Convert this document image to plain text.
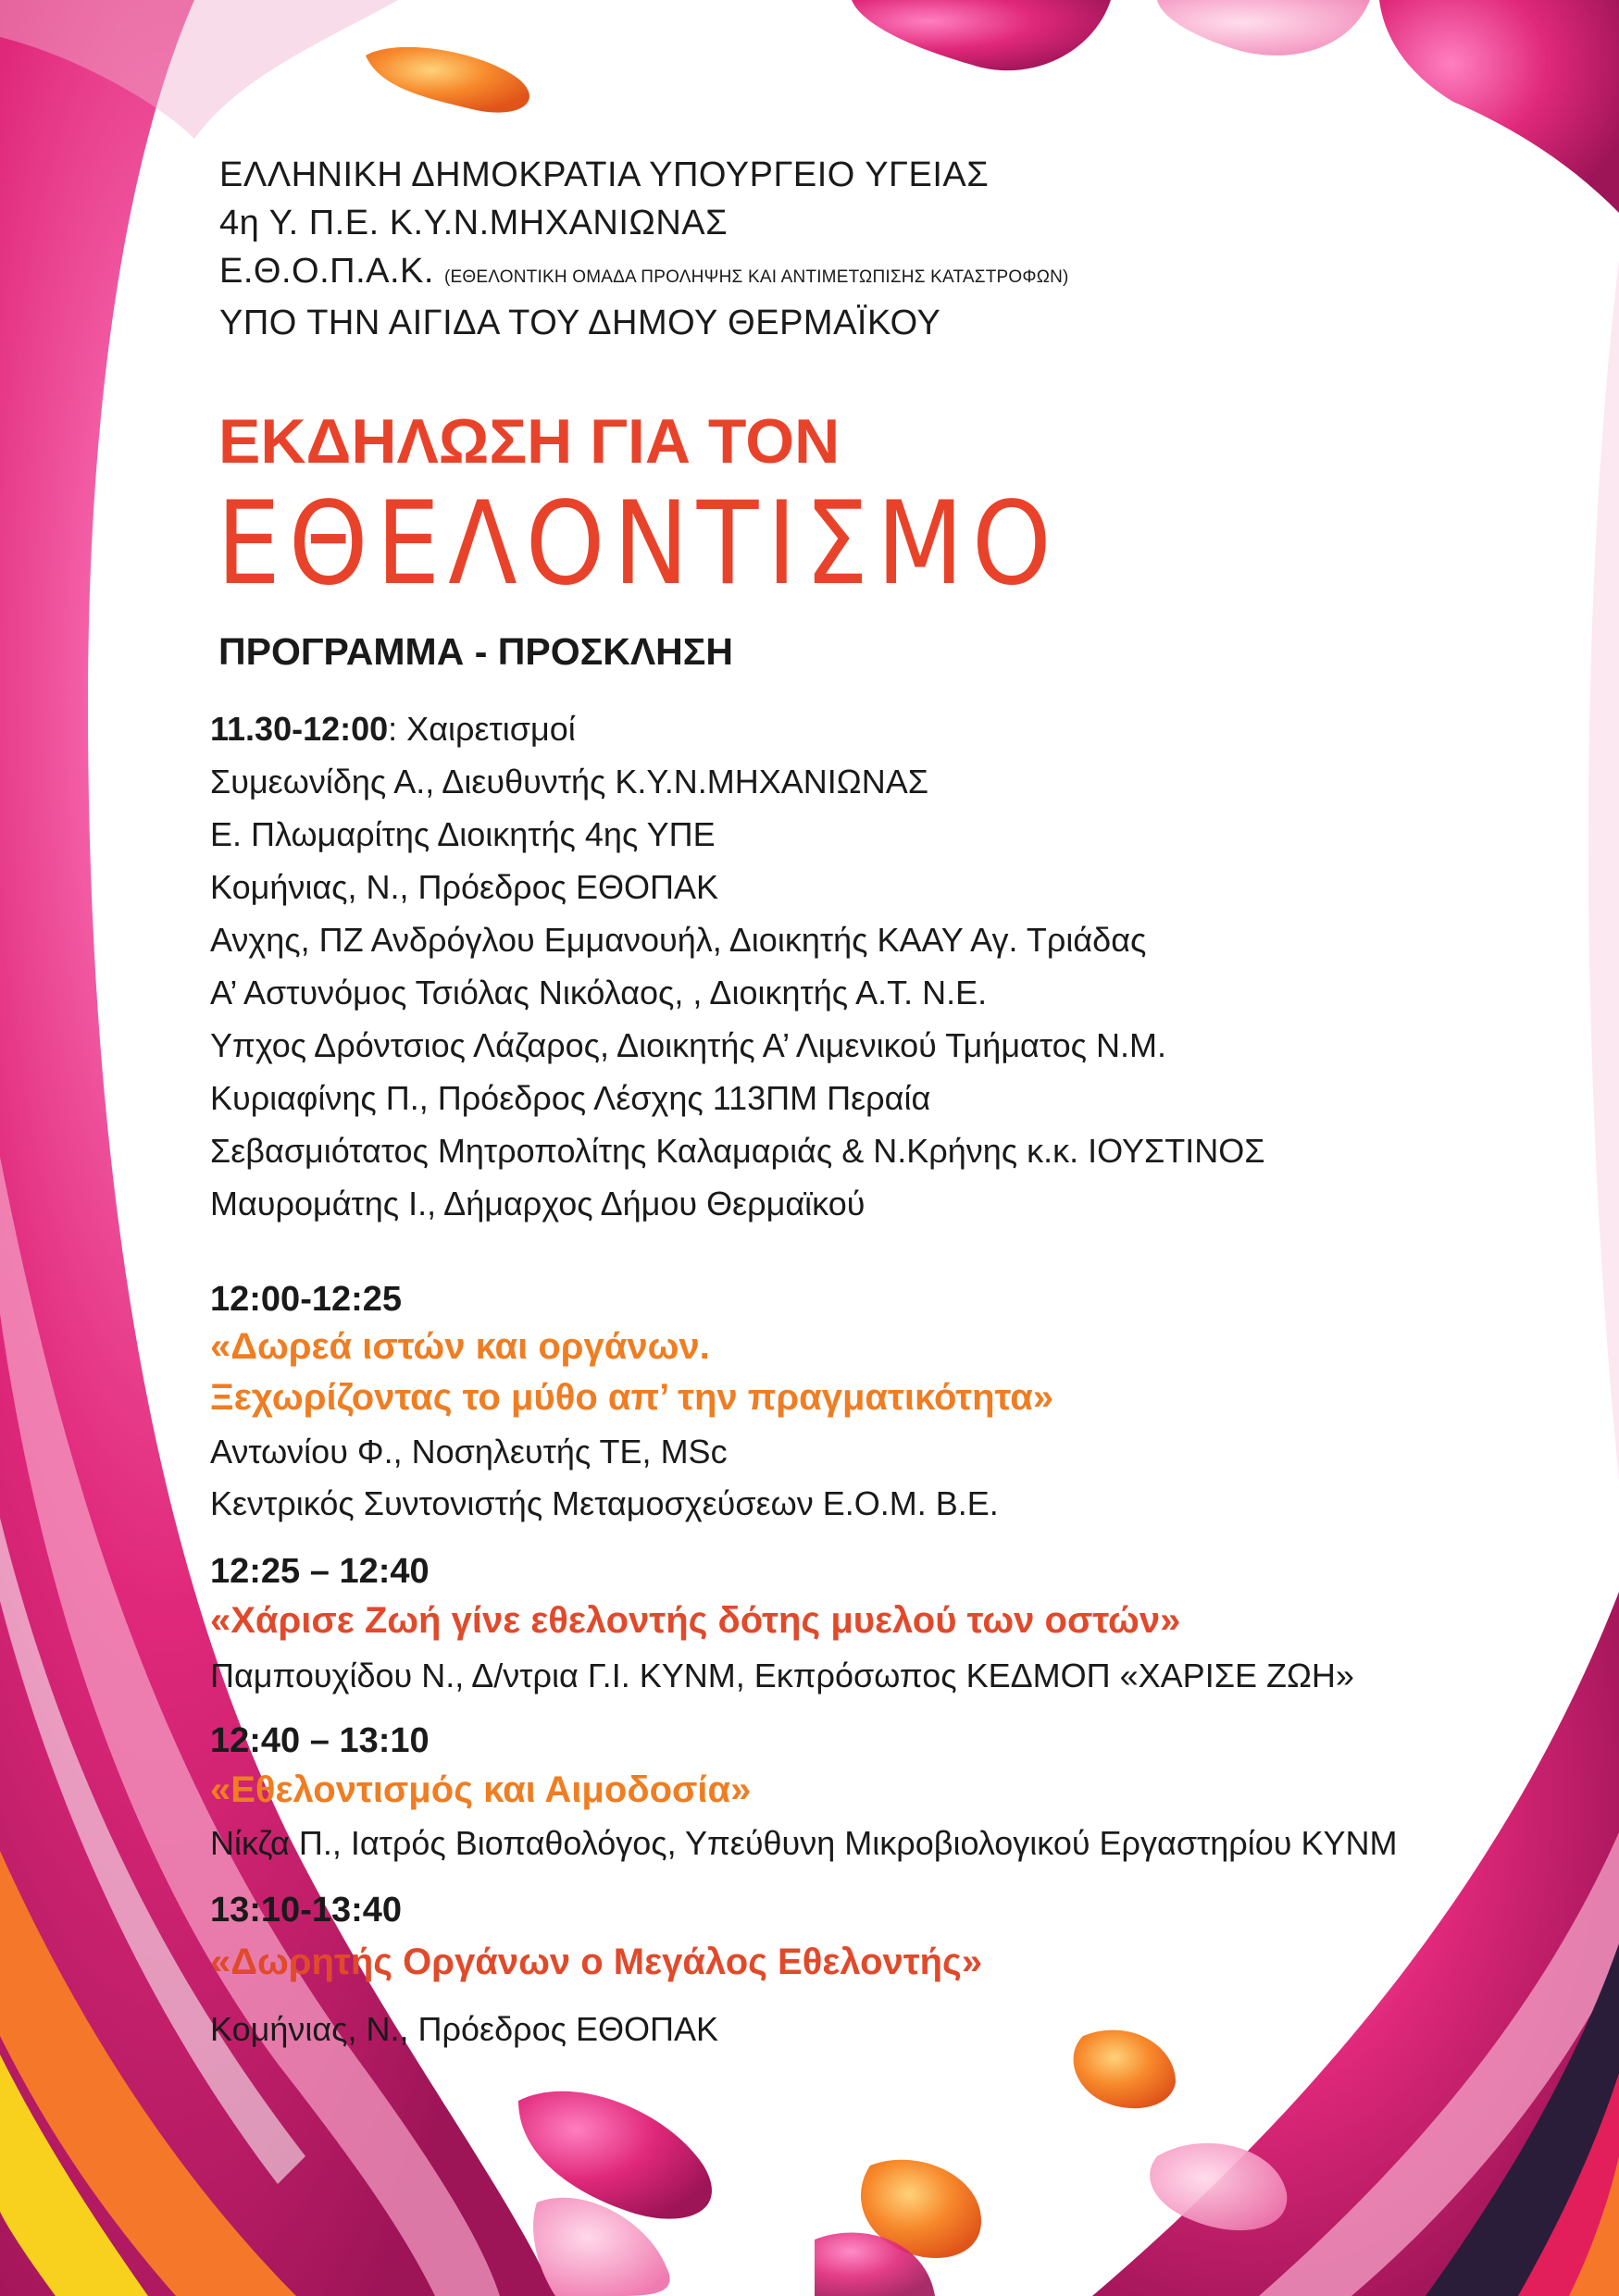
ΕΛΛΗΝΙΚΗ ΔΗΜΟΚΡΑΤΙΑ ΥΠΟΥΡΓΕΙΟ ΥΓΕΙΑΣ
4η Υ. Π.Ε. Κ.Υ.Ν.ΜΗΧΑΝΙΩΝΑΣ
Ε.Θ.Ο.Π.Α.Κ. (ΕΘΕΛΟΝΤΙΚΗ ΟΜΑΔΑ ΠΡΟΛΗΨΗΣ ΚΑΙ ΑΝΤΙΜΕΤΩΠΙΣΗΣ ΚΑΤΑΣΤΡΟΦΩΝ)
ΥΠΟ ΤΗΝ ΑΙΓΙΔΑ ΤΟΥ ΔΗΜΟΥ ΘΕΡΜΑΪΚΟΥ
ΕΚΔΗΛΩΣΗ ΓΙΑ ΤΟΝ
ΕΘΕΛΟΝΤΙΣΜΟ
ΠΡΟΓΡΑΜΜΑ - ΠΡΟΣΚΛΗΣΗ
11.30-12:00: Χαιρετισμοί
Συμεωνίδης Α., Διευθυντής Κ.Υ.Ν.ΜΗΧΑΝΙΩΝΑΣ
Ε. Πλωμαρίτης Διοικητής 4ης ΥΠΕ
Κομήνιας, Ν., Πρόεδρος ΕΘΟΠΑΚ
Ανχης, ΠΖ Ανδρόγλου Εμμανουήλ, Διοικητής ΚΑΑΥ Αγ. Τριάδας
Α’ Αστυνόμος Τσιόλας Νικόλαος, , Διοικητής Α.Τ. Ν.Ε.
Υπχος Δρόντσιος Λάζαρος, Διοικητής Α’ Λιμενικού Τμήματος Ν.Μ.
Κυριαφίνης Π., Πρόεδρος Λέσχης 113ΠΜ Περαία
Σεβασμιότατος Μητροπολίτης Καλαμαριάς & Ν.Κρήνης κ.κ. ΙΟΥΣΤΙΝΟΣ
Μαυρομάτης Ι., Δήμαρχος Δήμου Θερμαϊκού
12:00-12:25
«Δωρεά ιστών και οργάνων.
Ξεχωρίζοντας το μύθο απ’ την πραγματικότητα»
Αντωνίου Φ., Νοσηλευτής ΤΕ, MSc
Κεντρικός Συντονιστής Μεταμοσχεύσεων Ε.Ο.Μ. Β.Ε.
12:25 – 12:40
«Χάρισε Ζωή γίνε εθελοντής δότης μυελού των οστών»
Παμπουχίδου Ν., Δ/ντρια Γ.Ι. ΚΥΝΜ, Εκπρόσωπος ΚΕΔΜΟΠ «ΧΑΡΙΣΕ ΖΩΗ»
12:40 – 13:10
«Εθελοντισμός και Αιμοδοσία»
Νίκζα Π., Ιατρός Βιοπαθολόγος, Υπεύθυνη Μικροβιολογικού Εργαστηρίου ΚΥΝΜ
13:10-13:40
«Δωρητής Οργάνων ο Μεγάλος Εθελοντής»
Κομήνιας, Ν., Πρόεδρος ΕΘΟΠΑΚ
